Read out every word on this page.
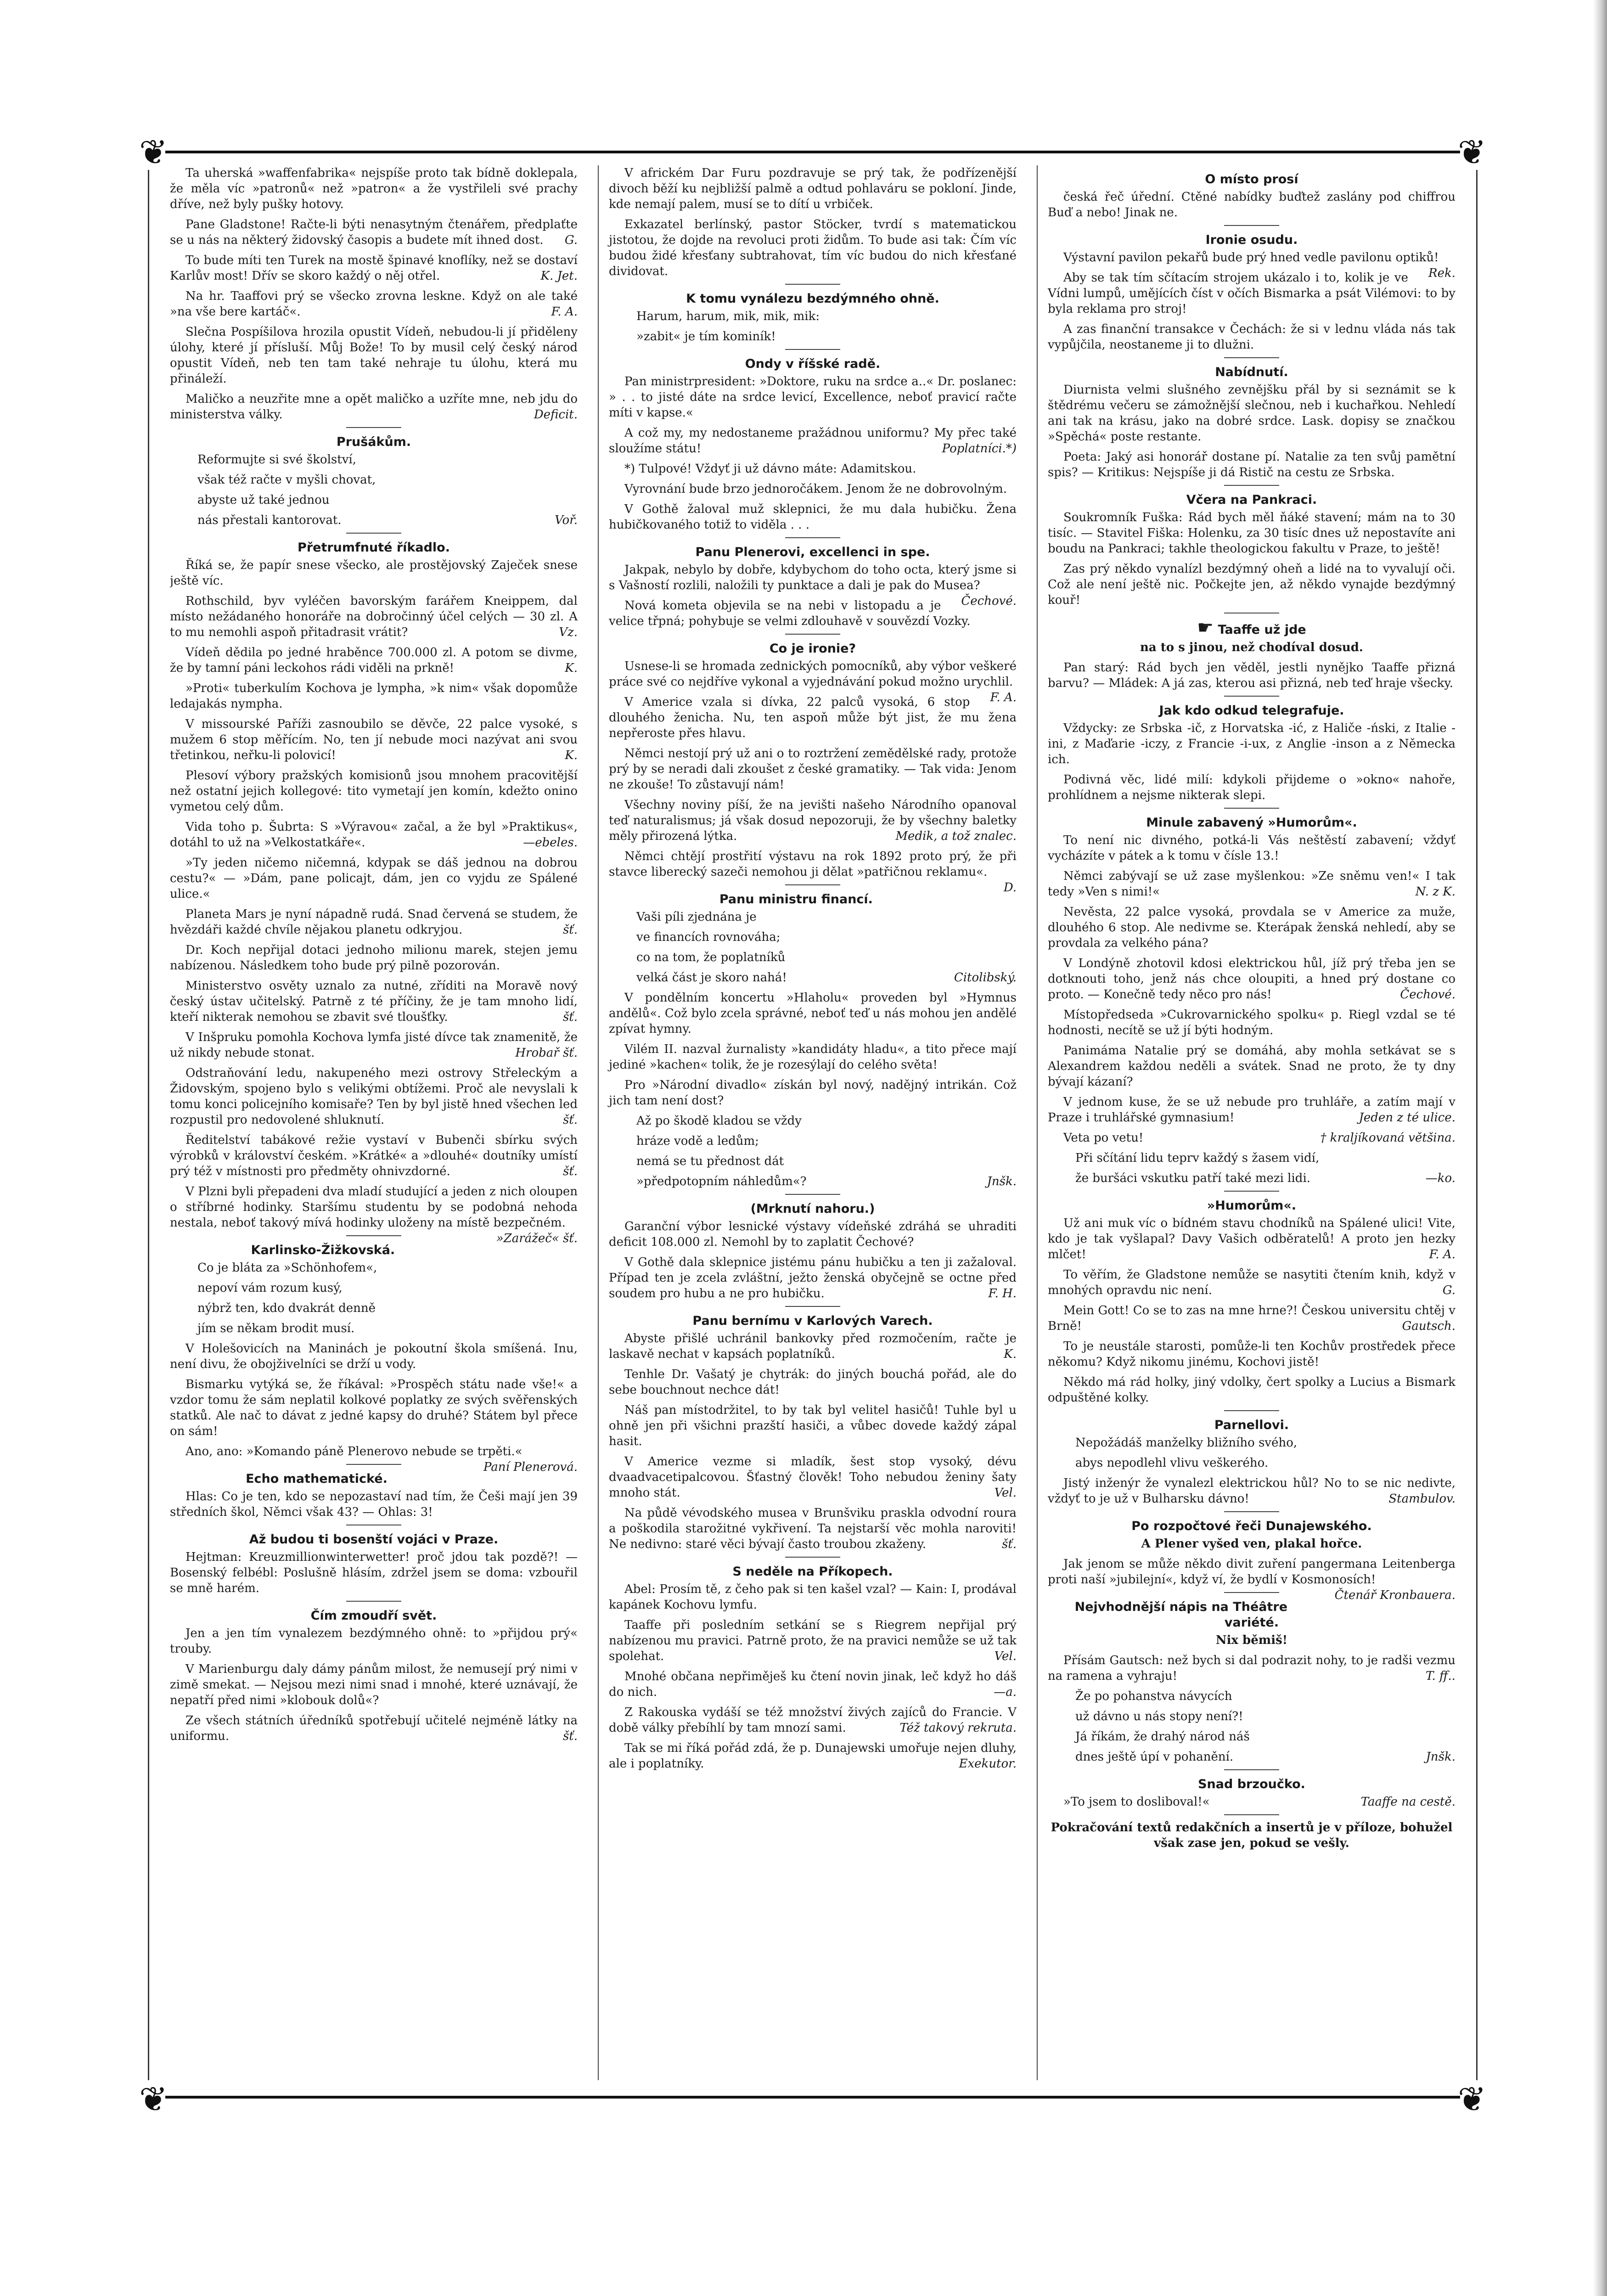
❦	❦
❦	❦

Ta uherská »waffenfabrika« nejspíše proto tak bídně doklepala, že měla víc »patronů« než »patron« a že vystřileli své prachy dříve, než byly pušky hotovy.

Pane Gladstone! Račte-li býti nenasytným čtenářem, předplaťte se u nás na některý židovský časopis a budete mít ihned dost.	G.

To bude míti ten Turek na mostě špinavé knoflíky, než se dostaví Karlův most! Dřív se skoro každý o něj otřel.	K. Jet.

Na hr. Taaffovi prý se všecko zrovna leskne. Když on ale také »na vše bere kartáč«.	F. A.

Slečna Pospíšilova hrozila opustit Vídeň, nebudou-li jí přiděleny úlohy, které jí přísluší. Můj Bože! To by musil celý český národ opustit Vídeň, neb ten tam také nehraje tu úlohu, která mu přináleží.

Maličko a neuzřite mne a opět maličko a uzříte mne, neb jdu do ministerstva války.	Deficit.

Prušákům.

Reformujte si své školství,

však též račte v myšli chovat,

abyste už také jednou

nás přestali kantorovat.	Voř.

Přetrumfnuté říkadlo.

Říká se, že papír snese všecko, ale prostějovský Zaječek snese ještě víc.

Rothschild, byv vyléčen bavorským farářem Kneippem, dal místo nežádaného honoráře na dobročinný účel celých — 30 zl. A to mu nemohli aspoň přitadrasit vrátit?	Vz.

Vídeň dědila po jedné hraběnce 700.000 zl. A potom se divme, že by tamní páni leckohos rádi viděli na prkně!	K.

»Proti« tuberkulím Kochova je lympha, »k nim« však dopomůže ledajakás nympha.

V missourské Paříži zasnoubilo se děvče, 22 palce vysoké, s mužem 6 stop měřícím. No, ten jí nebude moci nazývat ani svou třetinkou, neřku-li polovicí!	K.

Plesoví výbory pražských komisionů jsou mnohem pracovitější než ostatní jejich kollegové: tito vymetají jen komín, kdežto onino vymetou celý dům.

Vida toho p. Šubrta: S »Výravou« začal, a že byl »Praktikus«, dotáhl to už na »Velkostatkáře«.	—ebeles.

»Ty jeden ničemo ničemná, kdypak se dáš jednou na dobrou cestu?« — »Dám, pane policajt, dám, jen co vyjdu ze Spálené ulice.«

Planeta Mars je nyní nápadně rudá. Snad červená se studem, že hvězdáři každé chvíle nějakou planetu odkryjou.	šť.

Dr. Koch nepřijal dotaci jednoho milionu marek, stejen jemu nabízenou. Následkem toho bude prý pilně pozorován.

Ministerstvo osvěty uznalo za nutné, zříditi na Moravě nový český ústav učitelský. Patrně z té příčiny, že je tam mnoho lidí, kteří nikterak nemohou se zbavit své tloušťky.	šť.

V Inšpruku pomohla Kochova lymfa jisté dívce tak znamenitě, že už nikdy nebude stonat.	Hrobař šť.

Odstraňování ledu, nakupeného mezi ostrovy Střeleckým a Židovským, spojeno bylo s velikými obtížemi. Proč ale nevyslali k tomu konci policejního komisaře? Ten by byl jistě hned všechen led rozpustil pro nedovolené shluknutí.	šť.

Ředitelství tabákové režie vystaví v Bubenči sbírku svých výrobků v království českém. »Krátké« a »dlouhé« doutníky umístí prý též v místnosti pro předměty ohnivzdorné.	šť.

V Plzni byli přepadeni dva mladí studující a jeden z nich oloupen o stříbrné hodinky. Staršímu studentu by se podobná nehoda nestala, neboť takový mívá hodinky uloženy na místě bezpečném.
»Zarážeč« šť.

Karlinsko-Žižkovská.

Co je bláta za »Schönhofem«,

nepoví vám rozum kusý,

nýbrž ten, kdo dvakrát denně

jím se někam brodit musí.

V Holešovicích na Maninách je pokoutní škola smíšená. Inu, není divu, že obojživelníci se drží u vody.

Bismarku vytýká se, že říkával: »Prospěch státu nade vše!« a vzdor tomu že sám neplatil kolkové poplatky ze svých svěřenských statků. Ale nač to dávat z jedné kapsy do druhé? Státem byl přece on sám!

Ano, ano: »Komando páně Plenerovo nebude se trpěti.«
Paní Plenerová.

Echo mathematické.

Hlas: Co je ten, kdo se nepozastaví nad tím, že Češi mají jen 39 středních škol, Němci však 43? — Ohlas: 3!

Až budou ti bosenští vojáci v Praze.

Hejtman: Kreuzmillionwinterwetter! proč jdou tak pozdě?! — Bosenský felbébl: Poslušně hlásím, zdržel jsem se doma: vzbouřil se mně harém.

Čím zmoudří svět.

Jen a jen tím vynalezem bezdýmného ohně: to »přijdou prý« trouby.

V Marienburgu daly dámy pánům milost, že nemusejí prý nimi v zimě smekat. — Nejsou mezi nimi snad i mnohé, které uznávají, že nepatří před nimi »klobouk dolů«?

Ze všech státních úředníků spotřebují učitelé nejméně látky na uniformu.	šť.

V africkém Dar Furu pozdravuje se prý tak, že podřízenější divoch běží ku nejbližší palmě a odtud pohlaváru se pokloní. Jinde, kde nemají palem, musí se to dítí u vrbiček.

Exkazatel berlínský, pastor Stöcker, tvrdí s matematickou jistotou, že dojde na revoluci proti židům. To bude asi tak: Čím víc budou židé křesťany subtrahovat, tím víc budou do nich křesťané dividovat.

K tomu vynálezu bezdýmného ohně.

Harum, harum, mik, mik, mik:

»zabit« je tím kominík!

Ondy v říšské radě.

Pan ministrpresident: »Doktore, ruku na srdce a..« Dr. poslanec: » . . to jisté dáte na srdce levicí, Excellence, neboť pravicí račte míti v kapse.«

A což my, my nedostaneme pražádnou uniformu? My přec také sloužíme státu!	Poplatníci.*)

*) Tulpové! Vždyť ji už dávno máte: Adamitskou.

Vyrovnání bude brzo jednoročákem. Jenom že ne dobrovolným.

V Gothě žaloval muž sklepnici, že mu dala hubičku. Žena hubičkovaného totiž to viděla . . .

Panu Plenerovi, excellenci in spe.

Jakpak, nebylo by dobře, kdybychom do toho octa, který jsme si s Vašností rozlili, naložili ty punktace a dali je pak do Musea?
Čechové.

Nová kometa objevila se na nebi v listopadu a je velice třpná; pohybuje se velmi zdlouhavě v souvězdí Vozky.

Co je ironie?

Usnese-li se hromada zednických pomocníků, aby výbor veškeré práce své co nejdříve vykonal a vyjednávání pokud možno urychlil.
F. A.

V Americe vzala si dívka, 22 palců vysoká, 6 stop dlouhého ženicha. Nu, ten aspoň může být jist, že mu žena nepřeroste přes hlavu.

Němci nestojí prý už ani o to roztržení zemědělské rady, protože prý by se neradi dali zkoušet z české gramatiky. — Tak vida: Jenom ne zkouše! To zůstavují nám!

Všechny noviny píší, že na jevišti našeho Národního opanoval teď naturalismus; já však dosud nepozoruji, že by všechny baletky měly přirozená lýtka.	Medik, a tož znalec.

Němci chtějí prostřití výstavu na rok 1892 proto prý, že při stavce liberecký sazeči nemohou ji dělat »patřičnou reklamu«.
D.

Panu ministru financí.

Vaši píli zjednána je

ve financích rovnováha;

co na tom, že poplatníků

velká část je skoro nahá!	Citolibský.

V pondělním koncertu »Hlaholu« proveden byl »Hymnus andělů«. Což bylo zcela správné, neboť teď u nás mohou jen andělé zpívat hymny.

Vilém II. nazval žurnalisty »kandidáty hladu«, a tito přece mají jediné »kachen« tolik, že je rozesýlají do celého světa!

Pro »Národní divadlo« získán byl nový, nadějný intrikán. Což jich tam není dost?

Až po škodě kladou se vždy

hráze vodě a ledům;

nemá se tu přednost dát

»předpotopním náhledům«?	Jnšk.

(Mrknutí nahoru.)

Garanční výbor lesnické výstavy vídeňské zdráhá se uhraditi deficit 108.000 zl. Nemohl by to zaplatit Čechové?

V Gothě dala sklepnice jistému pánu hubičku a ten ji zažaloval. Případ ten je zcela zvláštní, ježto ženská obyčejně se octne před soudem pro hubu a ne pro hubičku.	F. H.

Panu bernímu v Karlových Varech.

Abyste přišlé uchránil bankovky před rozmočením, račte je laskavě nechat v kapsách poplatníků.	K.

Tenhle Dr. Vašatý je chytrák: do jiných bouchá pořád, ale do sebe bouchnout nechce dát!

Náš pan místodržitel, to by tak byl velitel hasičů! Tuhle byl u ohně jen při všichni prazští hasiči, a vůbec dovede každý zápal hasit.

V Americe vezme si mladík, šest stop vysoký, dévu dvaadvacetipalcovou. Šťastný člověk! Toho nebudou ženiny šaty mnoho stát.	Vel.

Na půdě vévodského musea v Brunšviku praskla odvodní roura a poškodila starožitné vykřivení. Ta nejstarší věc mohla naroviti! Ne nedivno: staré věci bývají často troubou zkaženy.	šť.

S neděle na Příkopech.

Abel: Prosím tě, z čeho pak si ten kašel vzal? — Kain: I, prodával kapánek Kochovu lymfu.

Taaffe při posledním setkání se s Riegrem nepřijal prý nabízenou mu pravici. Patrně proto, že na pravici nemůže se už tak spolehat.	Vel.

Mnohé občana nepřiměješ ku čtení novin jinak, leč když ho dáš do nich.	—a.

Z Rakouska vydáší se též množství živých zajíců do Francie. V době války přebíhlí by tam mnozí sami.	Též takový rekruta.

Tak se mi říká pořád zdá, že p. Dunajewski umořuje nejen dluhy, ale i poplatníky.	Exekutor.

O místo prosí

česká řeč úřední. Ctěné nabídky buďtež zaslány pod chiffrou Buď a nebo! Jinak ne.

Ironie osudu.

Výstavní pavilon pekařů bude prý hned vedle pavilonu optiků!
Rek.

Aby se tak tím sčítacím strojem ukázalo i to, kolik je ve Vídni lumpů, umějících číst v očích Bismarka a psát Vilémovi: to by byla reklama pro stroj!

A zas finanční transakce v Čechách: že si v lednu vláda nás tak vypůjčila, neostaneme ji to dlužni.

Nabídnutí.

Diurnista velmi slušného zevnějšku přál by si seznámit se k štědrému večeru se zámožnější slečnou, neb i kuchařkou. Nehledí ani tak na krásu, jako na dobré srdce. Lask. dopisy se značkou »Spěchá« poste restante.

Poeta: Jaký asi honorář dostane pí. Natalie za ten svůj pamětní spis? — Kritikus: Nejspíše ji dá Ristič na cestu ze Srbska.

Včera na Pankraci.

Soukromník Fuška: Rád bych měl ňáké stavení; mám na to 30 tisíc. — Stavitel Fiška: Holenku, za 30 tisíc dnes už nepostavíte ani boudu na Pankraci; takhle theologickou fakultu v Praze, to ještě!

Zas prý někdo vynalízl bezdýmný oheň a lidé na to vyvalují oči. Což ale není ještě nic. Počkejte jen, až někdo vynajde bezdýmný kouř!

☛ Taaffe už jde

na to s jinou, než chodíval dosud.

Pan starý: Rád bych jen věděl, jestli nynějko Taaffe přizná barvu? — Mládek: A já zas, kterou asi přizná, neb teď hraje všecky.

Jak kdo odkud telegrafuje.

Vždycky: ze Srbska -ič, z Horvatska -ić, z Haliče -ński, z Italie -ini, z Maďarie -iczy, z Francie -i-ux, z Anglie -inson a z Německa ich.

Podivná věc, lidé milí: kdykoli přijdeme o »okno« nahoře, prohlídnem a nejsme nikterak slepi.

Minule zabavený »Humorům«.

To není nic divného, potká-li Vás neštěstí zabavení; vždyť vycházíte v pátek a k tomu v čísle 13.!

Němci zabývají se už zase myšlenkou: »Ze sněmu ven!« I tak tedy »Ven s nimi!«	N. z K.

Nevěsta, 22 palce vysoká, provdala se v Americe za muže, dlouhého 6 stop. Ale nedivme se. Kterápak ženská nehledí, aby se provdala za velkého pána?

V Londýně zhotovil kdosi elektrickou hůl, jíž prý třeba jen se dotknouti toho, jenž nás chce oloupiti, a hned prý dostane co proto. — Konečně tedy něco pro nás!	Čechové.

Místopředseda »Cukrovarnického spolku« p. Riegl vzdal se té hodnosti, necítě se už jí býti hodným.

Panimáma Natalie prý se domáhá, aby mohla setkávat se s Alexandrem každou neděli a svátek. Snad ne proto, že ty dny bývají kázaní?

V jednom kuse, že se už nebude pro truhláře, a zatím mají v Praze i truhlářské gymnasium!	Jeden z té ulice.

Veta po vetu!	† kraljíkovaná většina.

Při sčítání lidu teprv každý s žasem vidí,

že buršáci vskutku patří také mezi lidi.	—ko.

»Humorům«.

Už ani muk víc o bídném stavu chodníků na Spálené ulici! Vite, kdo je tak vyšlapal? Davy Vašich odběratelů! A proto jen hezky mlčet!	F. A.

To věřím, že Gladstone nemůže se nasytiti čtením knih, když v mnohých opravdu nic není.	G.

Mein Gott! Co se to zas na mne hrne?! Českou universitu chtěj v Brně!	Gautsch.

To je neustále starosti, pomůže-li ten Kochův prostředek přece někomu? Když nikomu jinému, Kochovi jistě!

Někdo má rád holky, jiný vdolky, čert spolky a Lucius a Bismark odpuštěné kolky.

Parnellovi.

Nepožádáš manželky bližního svého,

abys nepodlehl vlivu veškerého.

Jistý inženýr že vynalezl elektrickou hůl? No to se nic nedivte, vždyť to je už v Bulharsku dávno!	Stambulov.

Po rozpočtové řeči Dunajewského.

A Plener vyšed ven, plakal hořce.

Jak jenom se může někdo divit zuření pangermana Leitenberga proti naší »jubilejní«, když ví, že bydlí v Kosmonosích!
Čtenář Kronbauera.

Nejvhodnější nápis na Théâtre variété.

Nix běmiš!

Přísám Gautsch: než bych si dal podrazit nohy, to je radši vezmu na ramena a vyhraju!	T. ff..

Že po pohanstva návycích

už dávno u nás stopy není?!

Já říkám, že drahý národ náš

dnes ještě úpí v pohanění.	Jnšk.

Snad brzoučko.

»To jsem to dosliboval!«	Taaffe na cestě.

Pokračování textů redakčních a insertů je v příloze, bohužel však zase jen, pokud se vešly.
